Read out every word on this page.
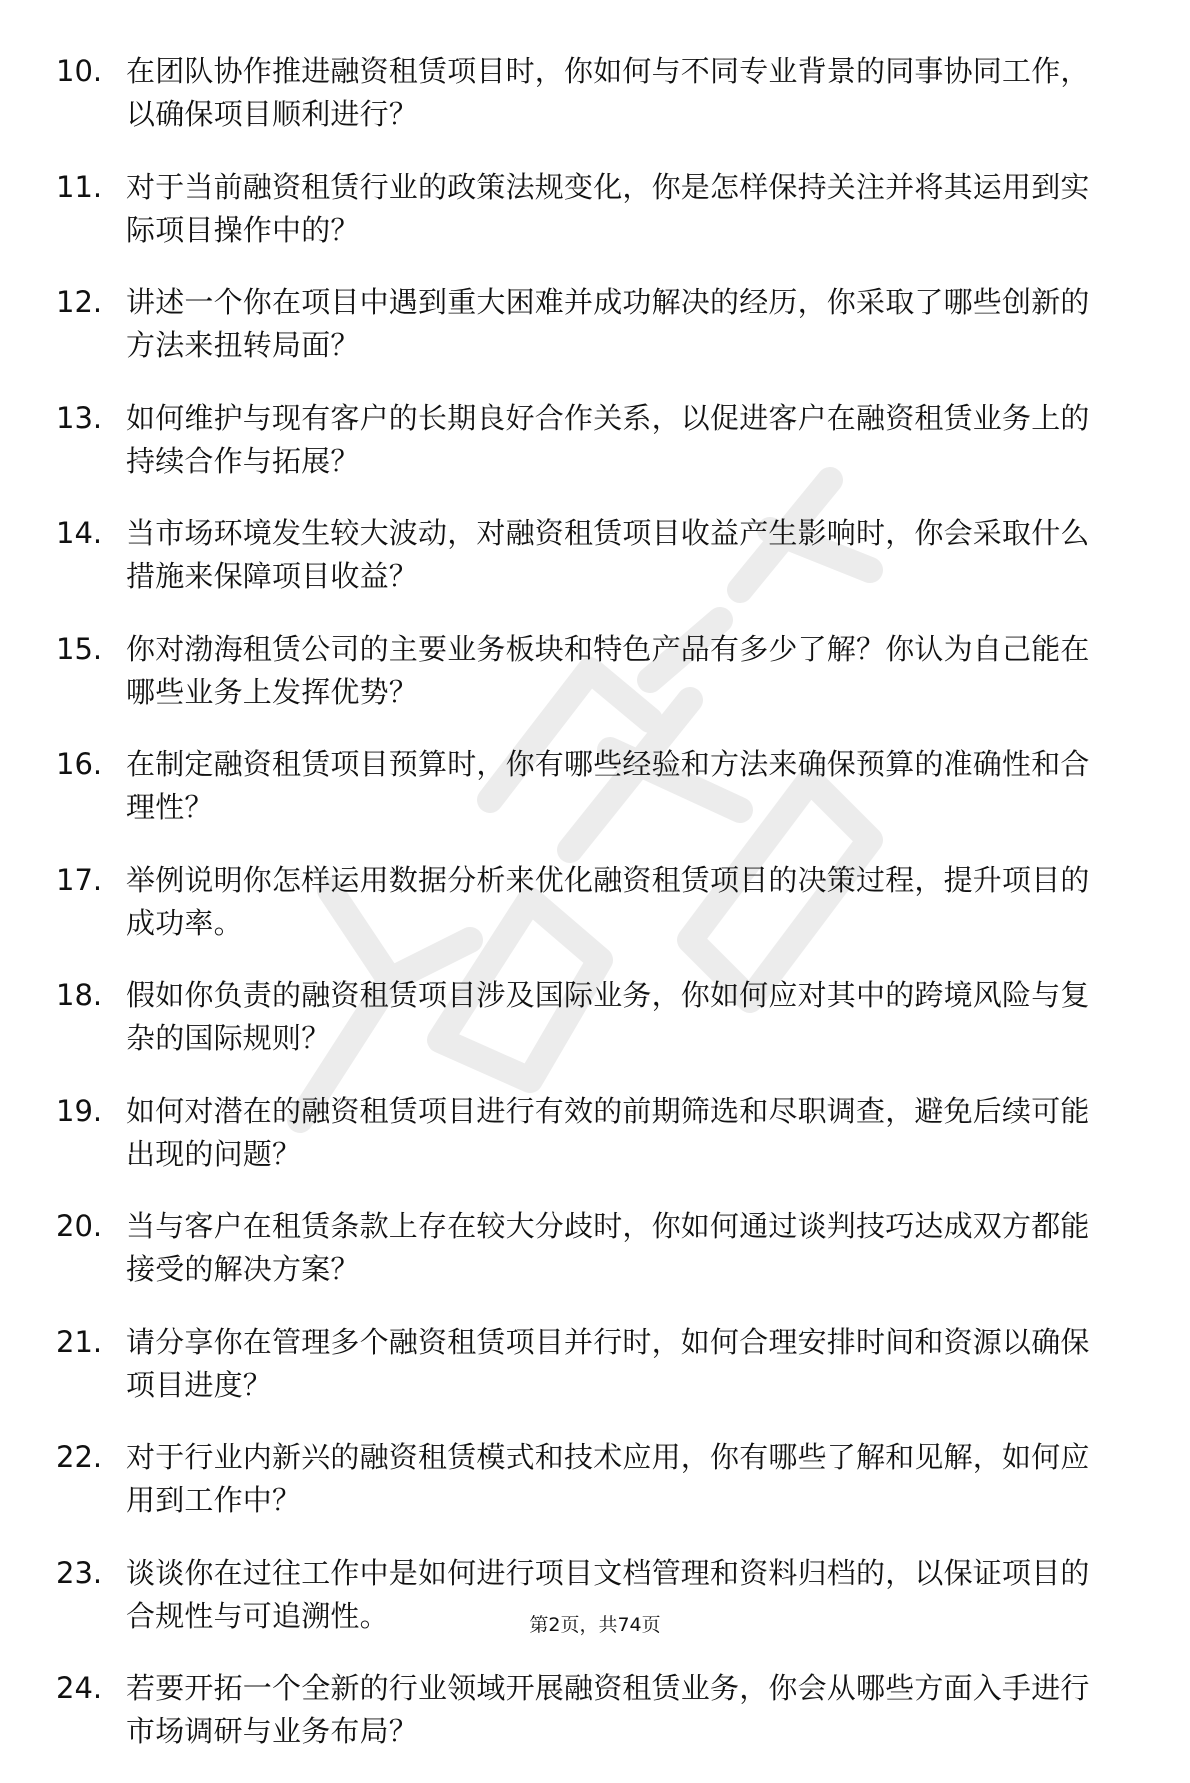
10. 在团队协作推进融资租赁项目时，你如何与不同专业背景的同事协同工作，以确保项目顺利进行？
11. 对于当前融资租赁行业的政策法规变化，你是怎样保持关注并将其运用到实际项目操作中的？
12. 讲述一个你在项目中遇到重大困难并成功解决的经历，你采取了哪些创新的方法来扭转局面？
13. 如何维护与现有客户的长期良好合作关系，以促进客户在融资租赁业务上的持续合作与拓展？
14. 当市场环境发生较大波动，对融资租赁项目收益产生影响时，你会采取什么措施来保障项目收益？
15. 你对渤海租赁公司的主要业务板块和特色产品有多少了解？你认为自己能在哪些业务上发挥优势？
16. 在制定融资租赁项目预算时，你有哪些经验和方法来确保预算的准确性和合理性？
17. 举例说明你怎样运用数据分析来优化融资租赁项目的决策过程，提升项目的成功率。
18. 假如你负责的融资租赁项目涉及国际业务，你如何应对其中的跨境风险与复杂的国际规则？
19. 如何对潜在的融资租赁项目进行有效的前期筛选和尽职调查，避免后续可能出现的问题？
20. 当与客户在租赁条款上存在较大分歧时，你如何通过谈判技巧达成双方都能接受的解决方案？
21. 请分享你在管理多个融资租赁项目并行时，如何合理安排时间和资源以确保项目进度？
22. 对于行业内新兴的融资租赁模式和技术应用，你有哪些了解和见解，如何应用到工作中？
23. 谈谈你在过往工作中是如何进行项目文档管理和资料归档的，以保证项目的合规性与可追溯性。
24. 若要开拓一个全新的行业领域开展融资租赁业务，你会从哪些方面入手进行市场调研与业务布局？
第2页，共74页
